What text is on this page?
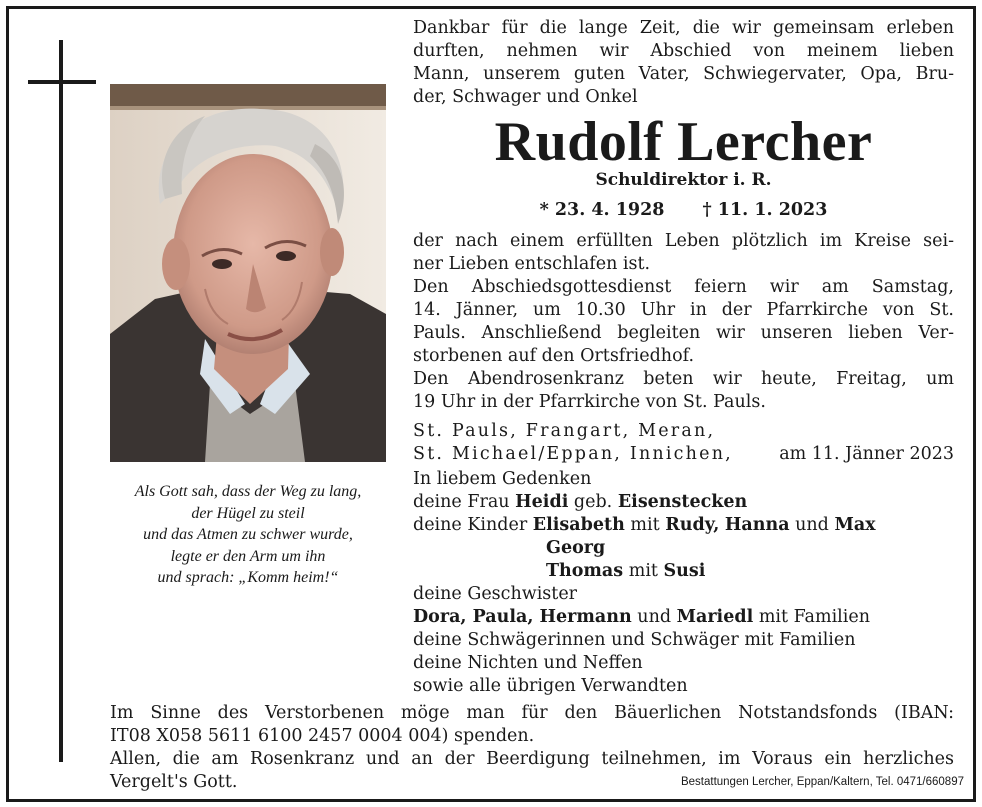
Als Gott sah, dass der Weg zu lang,
der Hügel zu steil
und das Atmen zu schwer wurde,
legte er den Arm um ihn
und sprach: „Komm heim!“
Dankbar für die lange Zeit, die wir gemeinsam erleben
durften, nehmen wir Abschied von meinem lieben
Mann, unserem guten Vater, Schwiegervater, Opa, Bru-
der, Schwager und Onkel
Rudolf Lercher
Schuldirektor i. R.
* 23. 4. 1928 † 11. 1. 2023
der nach einem erfüllten Leben plötzlich im Kreise sei-
ner Lieben entschlafen ist.
Den Abschiedsgottesdienst feiern wir am Samstag,
14. Jänner, um 10.30 Uhr in der Pfarrkirche von St.
Pauls. Anschließend begleiten wir unseren lieben Ver-
storbenen auf den Ortsfriedhof.
Den Abendrosenkranz beten wir heute, Freitag, um
19 Uhr in der Pfarrkirche von St. Pauls.
St. Pauls, Frangart, Meran,
St. Michael/Eppan, Innichen,	am 11. Jänner 2023
In liebem Gedenken
deine Frau Heidi geb. Eisenstecken
deine Kinder Elisabeth mit Rudy, Hanna und Max
Georg
Thomas mit Susi
deine Geschwister
Dora, Paula, Hermann und Mariedl mit Familien
deine Schwägerinnen und Schwäger mit Familien
deine Nichten und Neffen
sowie alle übrigen Verwandten
Im Sinne des Verstorbenen möge man für den Bäuerlichen Notstandsfonds (IBAN:
IT08 X058 5611 6100 2457 0004 004) spenden.
Allen, die am Rosenkranz und an der Beerdigung teilnehmen, im Voraus ein herzliches
Vergelt's Gott.	Bestattungen Lercher, Eppan/Kaltern, Tel. 0471/660897
